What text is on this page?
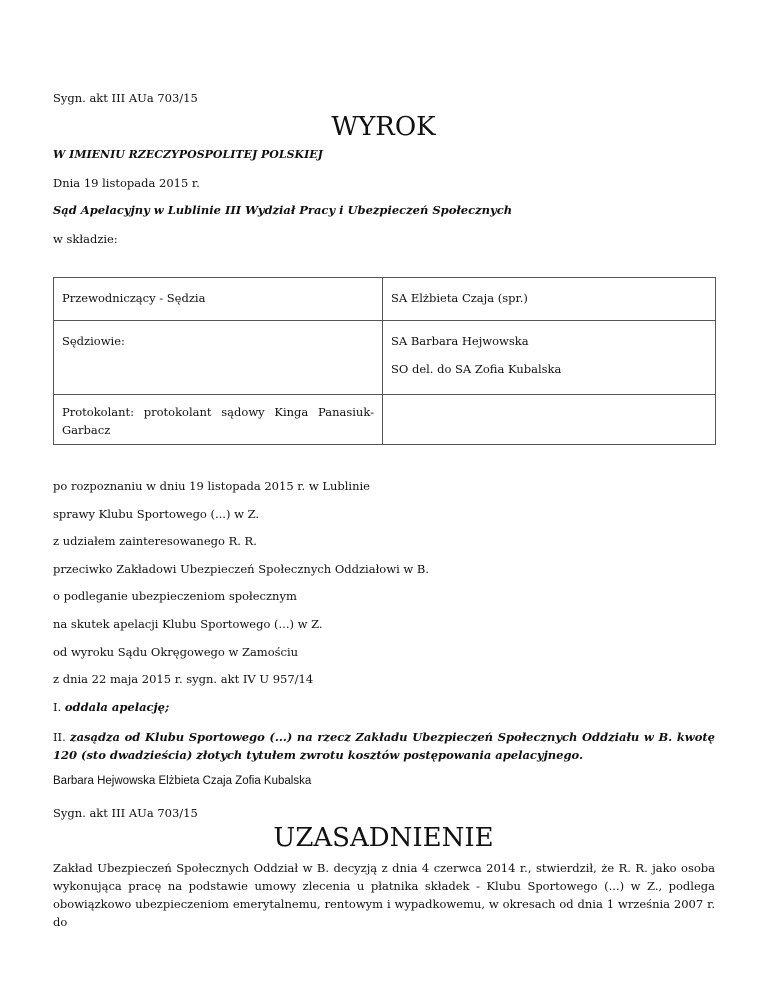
Sygn. akt III AUa 703/15
WYROK
W IMIENIU RZECZYPOSPOLITEJ POLSKIEJ
Dnia 19 listopada 2015 r.
Sąd Apelacyjny w Lublinie III Wydział Pracy i Ubezpieczeń Społecznych
w składzie:
Przewodniczący - Sędzia	SA Elżbieta Czaja (spr.)

Sędziowie:	SA Barbara Hejwowska
SO del. do SA Zofia Kubalska

Protokolant: protokolant sądowy Kinga Panasiuk-Garbacz	

po rozpoznaniu w dniu 19 listopada 2015 r. w Lublinie
sprawy Klubu Sportowego (...) w Z.
z udziałem zainteresowanego R. R.
przeciwko Zakładowi Ubezpieczeń Społecznych Oddziałowi w B.
o podleganie ubezpieczeniom społecznym
na skutek apelacji Klubu Sportowego (...) w Z.
od wyroku Sądu Okręgowego w Zamościu
z dnia 22 maja 2015 r. sygn. akt IV U 957/14
I. oddala apelację;
II. zasądza od Klubu Sportowego (...) na rzecz Zakładu Ubezpieczeń Społecznych Oddziału w B. kwotę 120 (sto dwadzieścia) złotych tytułem zwrotu kosztów postępowania apelacyjnego.
Barbara Hejwowska Elżbieta Czaja Zofia Kubalska
Sygn. akt III AUa 703/15
UZASADNIENIE
Zakład Ubezpieczeń Społecznych Oddział w B. decyzją z dnia 4 czerwca 2014 r., stwierdził, że R. R. jako osoba wykonująca pracę na podstawie umowy zlecenia u płatnika składek - Klubu Sportowego (...) w Z., podlega obowiązkowo ubezpieczeniom emerytalnemu, rentowym i wypadkowemu, w okresach od dnia 1 września 2007 r. do
